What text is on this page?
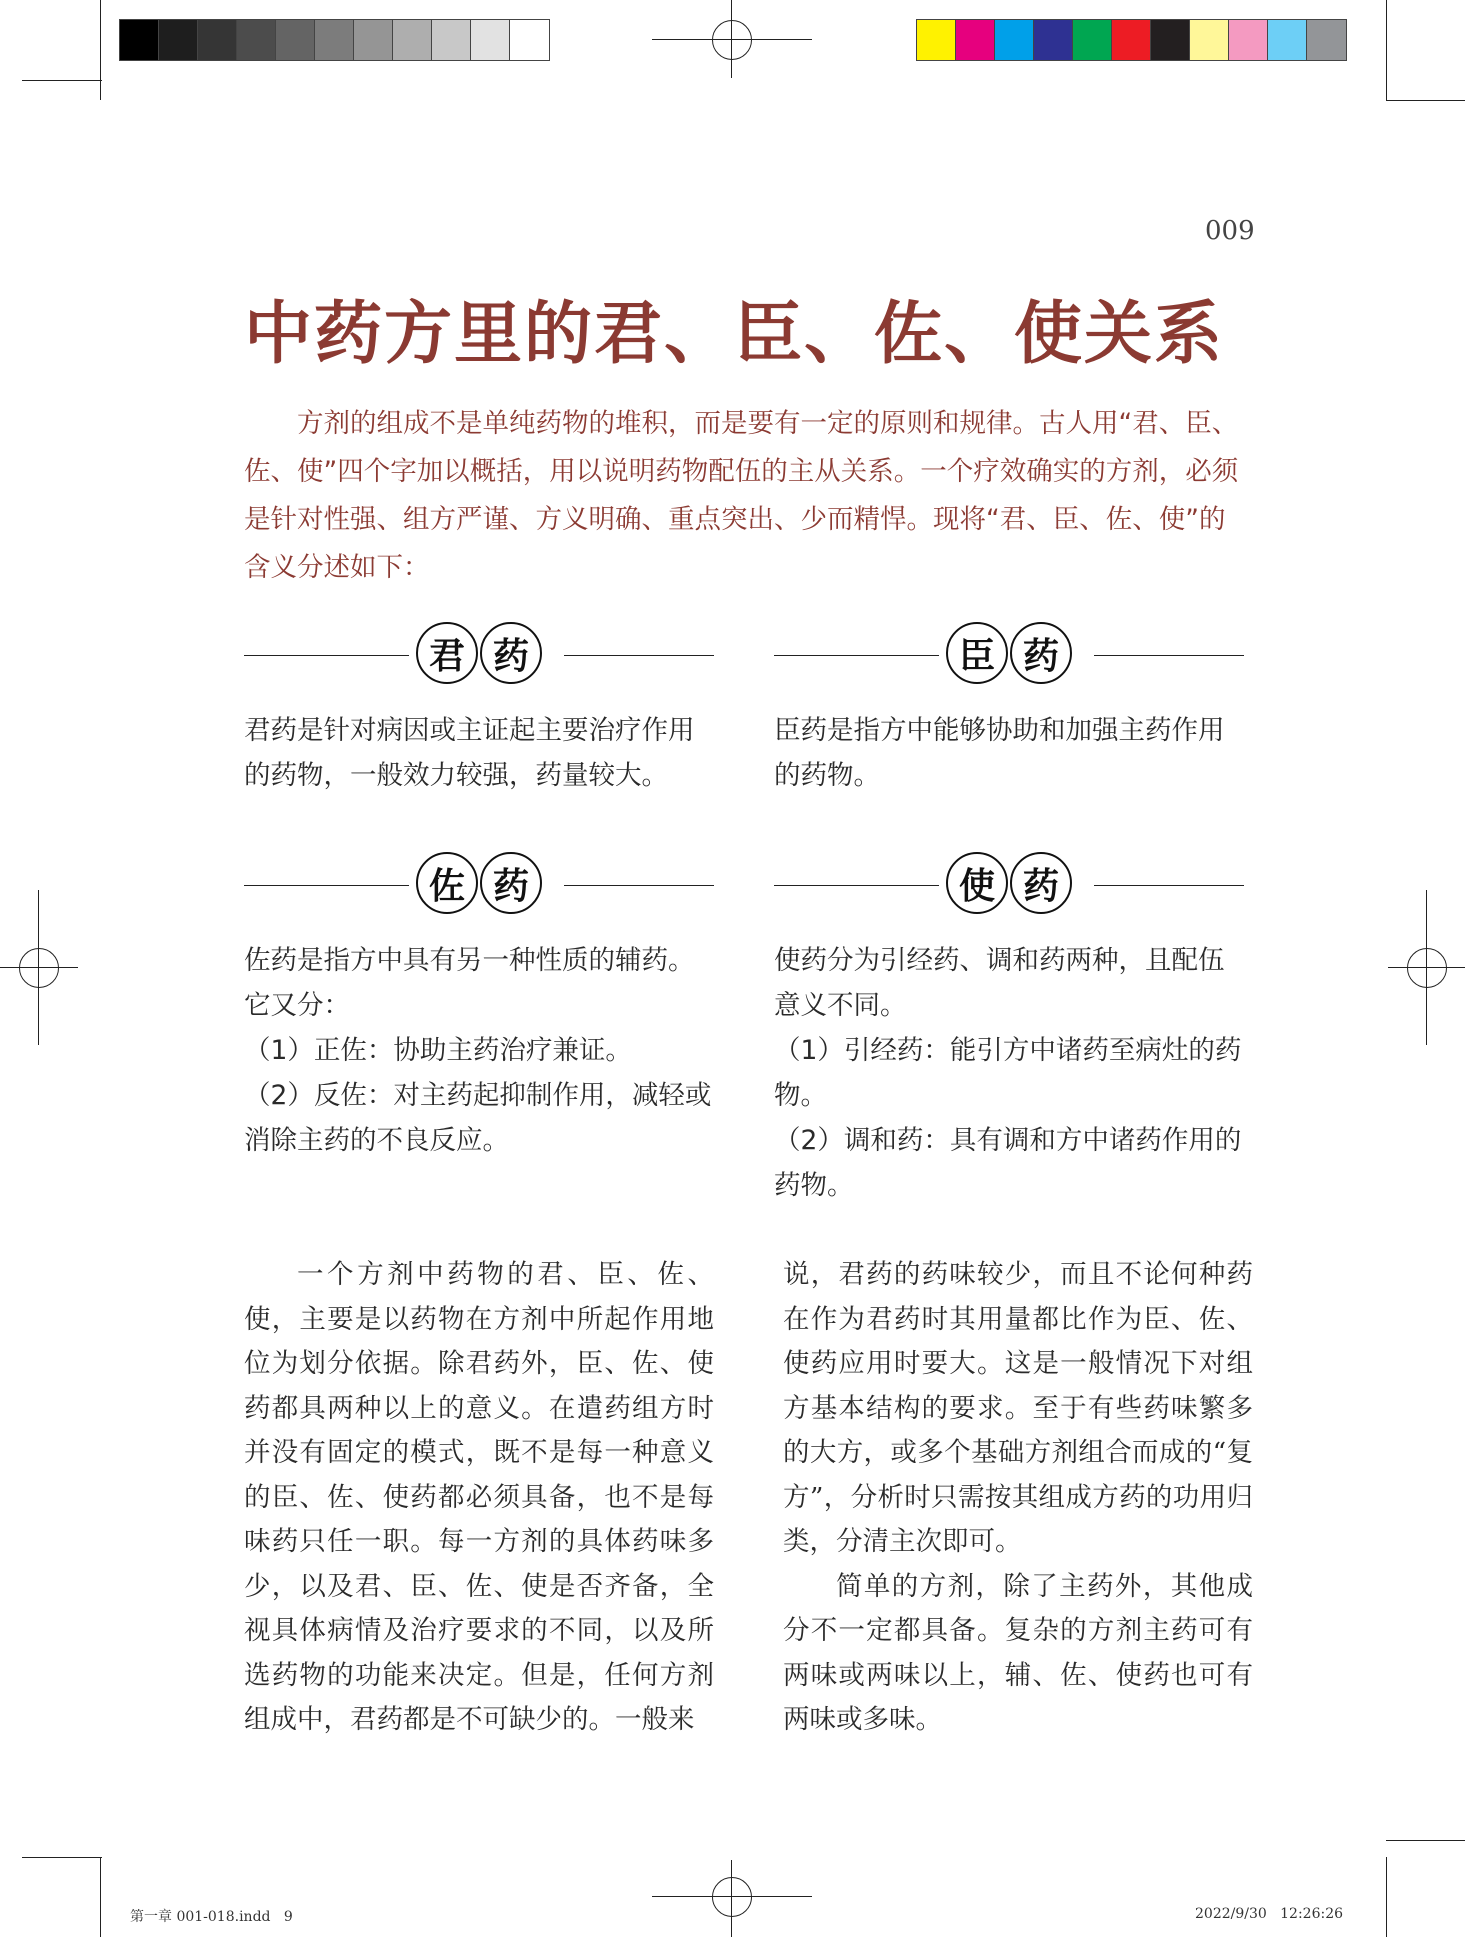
009
中药方里的君、臣、佐、使关系

方剂的组成不是单纯药物的堆积，而是要有一定的原则和规律。古人用“君、臣、佐、使”四个字加以概括，用以说明药物配伍的主从关系。一个疗效确实的方剂，必须是针对性强、组方严谨、方义明确、重点突出、少而精悍。现将“君、臣、佐、使”的含义分述如下：

君 药	臣 药
佐 药	使 药

君药是针对病因或主证起主要治疗作用的药物，一般效力较强，药量较大。

臣药是指方中能够协助和加强主药作用的药物。

佐药是指方中具有另一种性质的辅药。它又分：

（1）正佐：协助主药治疗兼证。

（2）反佐：对主药起抑制作用，减轻或消除主药的不良反应。

使药分为引经药、调和药两种，且配伍意义不同。

（1）引经药：能引方中诸药至病灶的药物。

（2）调和药：具有调和方中诸药作用的药物。

一个方剂中药物的君、臣、佐、使，主要是以药物在方剂中所起作用地位为划分依据。除君药外，臣、佐、使药都具两种以上的意义。在遣药组方时并没有固定的模式，既不是每一种意义的臣、佐、使药都必须具备，也不是每味药只任一职。每一方剂的具体药味多少，以及君、臣、佐、使是否齐备，全视具体病情及治疗要求的不同，以及所选药物的功能来决定。但是，任何方剂组成中，君药都是不可缺少的。一般来

说，君药的药味较少，而且不论何种药在作为君药时其用量都比作为臣、佐、使药应用时要大。这是一般情况下对组方基本结构的要求。至于有些药味繁多的大方，或多个基础方剂组合而成的“复方”，分析时只需按其组成方药的功用归类，分清主次即可。

简单的方剂，除了主药外，其他成分不一定都具备。复杂的方剂主药可有两味或两味以上，辅、佐、使药也可有两味或多味。

第一章 001-018.indd   9	2022/9/30   12:26:26
